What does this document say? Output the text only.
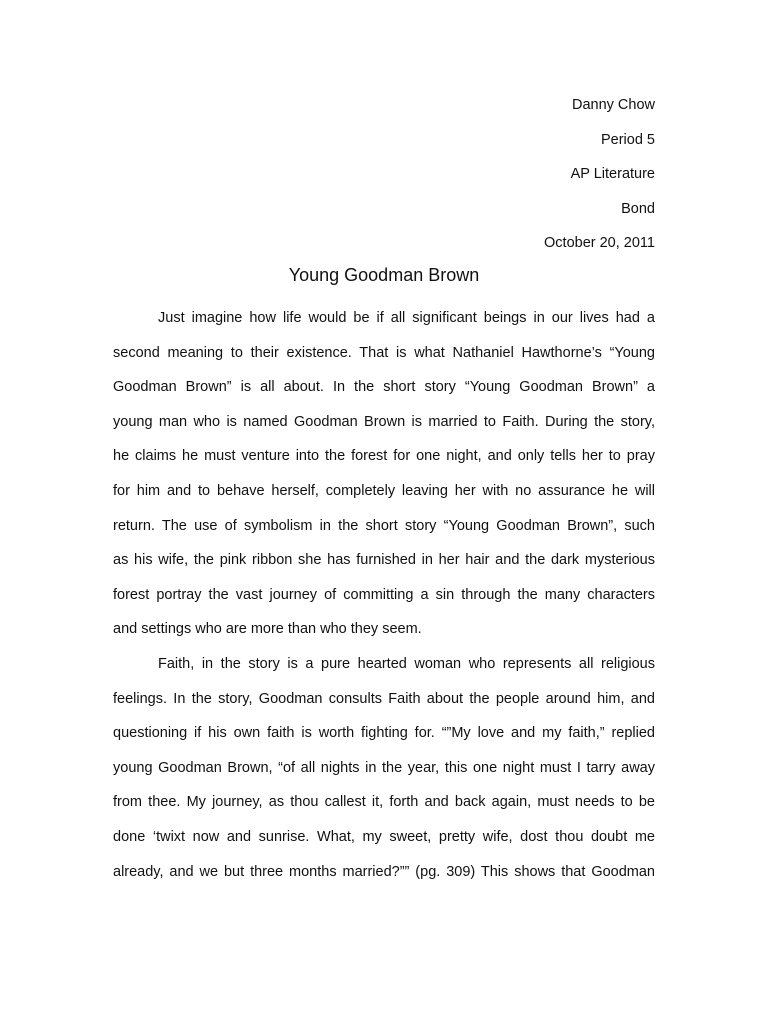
Danny Chow
Period 5
AP Literature
Bond
October 20, 2011
Young Goodman Brown
Just imagine how life would be if all significant beings in our lives had a
second meaning to their existence. That is what Nathaniel Hawthorne’s “Young
Goodman Brown” is all about. In the short story “Young Goodman Brown” a
young man who is named Goodman Brown is married to Faith. During the story,
he claims he must venture into the forest for one night, and only tells her to pray
for him and to behave herself, completely leaving her with no assurance he will
return. The use of symbolism in the short story “Young Goodman Brown”, such
as his wife, the pink ribbon she has furnished in her hair and the dark mysterious
forest portray the vast journey of committing a sin through the many characters
and settings who are more than who they seem.
Faith, in the story is a pure hearted woman who represents all religious
feelings. In the story, Goodman consults Faith about the people around him, and
questioning if his own faith is worth fighting for. “”My love and my faith,” replied
young Goodman Brown, “of all nights in the year, this one night must I tarry away
from thee. My journey, as thou callest it, forth and back again, must needs to be
done ‘twixt now and sunrise. What, my sweet, pretty wife, dost thou doubt me
already, and we but three months married?”” (pg. 309) This shows that Goodman
